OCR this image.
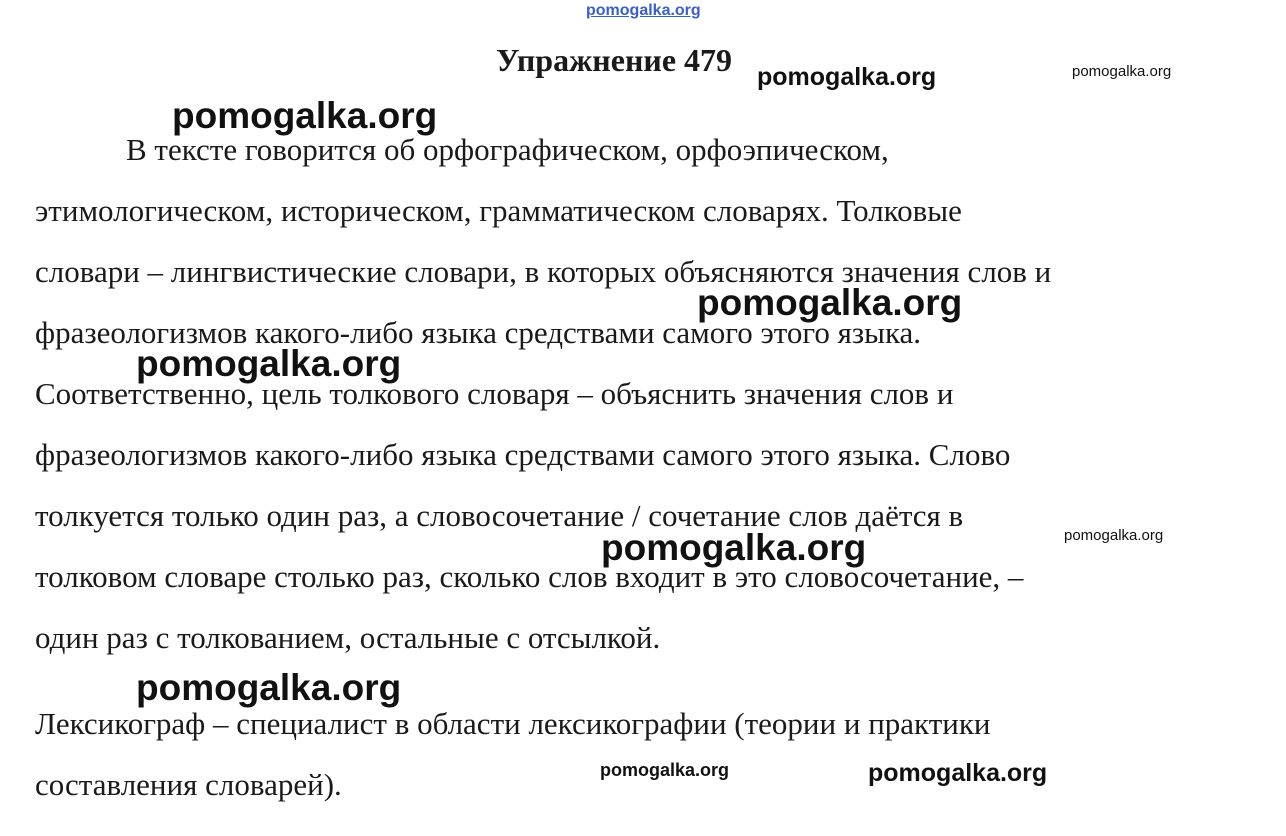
pomogalka.org
Упражнение 479
В тексте говорится об орфографическом, орфоэпическом,
этимологическом, историческом, грамматическом словарях. Толковые
словари – лингвистические словари, в которых объясняются значения слов и
фразеологизмов какого-либо языка средствами самого этого языка.
Соответственно, цель толкового словаря – объяснить значения слов и
фразеологизмов какого-либо языка средствами самого этого языка. Слово
толкуется только один раз, а словосочетание / сочетание слов даётся в
толковом словаре столько раз, сколько слов входит в это словосочетание, –
один раз с толкованием, остальные с отсылкой.
Лексикограф – специалист в области лексикографии (теории и практики
составления словарей).
pomogalka.org	pomogalka.org
pomogalka.org
pomogalka.org
pomogalka.org
pomogalka.org	pomogalka.org
pomogalka.org
pomogalka.org	pomogalka.org
